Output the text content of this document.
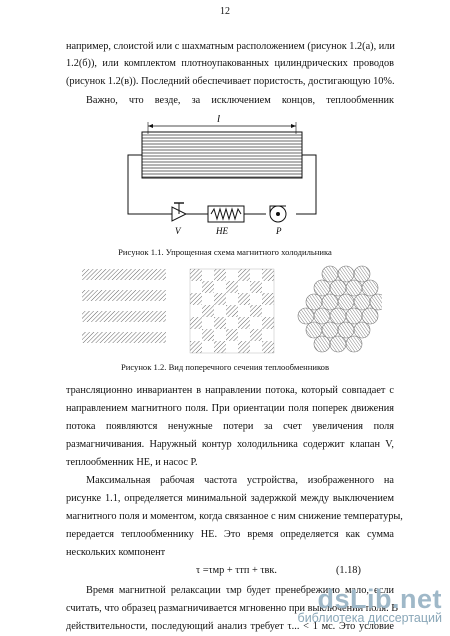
12
например, слоистой или с шахматным расположением (рисунок 1.2(а), или
1.2(б)), или комплектом плотноупакованных цилиндрических проводов
(рисунок 1.2(в)). Последний обеспечивает пористость, достигающую 10%.
Важно, что везде, за исключением концов, теплообменник
l
V	HE	P
Рисунок 1.1. Упрощенная схема магнитного холодильника
Рисунок 1.2. Вид поперечного сечения теплообменников
трансляционно инвариантен в направлении потока, который совпадает с
направлением магнитного поля. При ориентации поля поперек движения
потока появляются ненужные потери за счет увеличения поля
размагничивания. Наружный контур холодильника содержит клапан V,
теплообменник НЕ, и насос Р.
Максимальная рабочая частота устройства, изображенного на
рисунке 1.1, определяется минимальной задержкой между выключением
магнитного поля и моментом, когда связанное с ним снижение температуры,
передается теплообменнику НЕ. Это время определяется как сумма
нескольких компонент
τ =τмр + τтп + τвк.	(1.18)
Время магнитной релаксации τмр будет пренебрежимо мало, если
считать, что образец размагничивается мгновенно при выключении поля. В
действительности, последующий анализ требует τ... < 1 мс. Это условие
dsLib.net
библиотека диссертаций
